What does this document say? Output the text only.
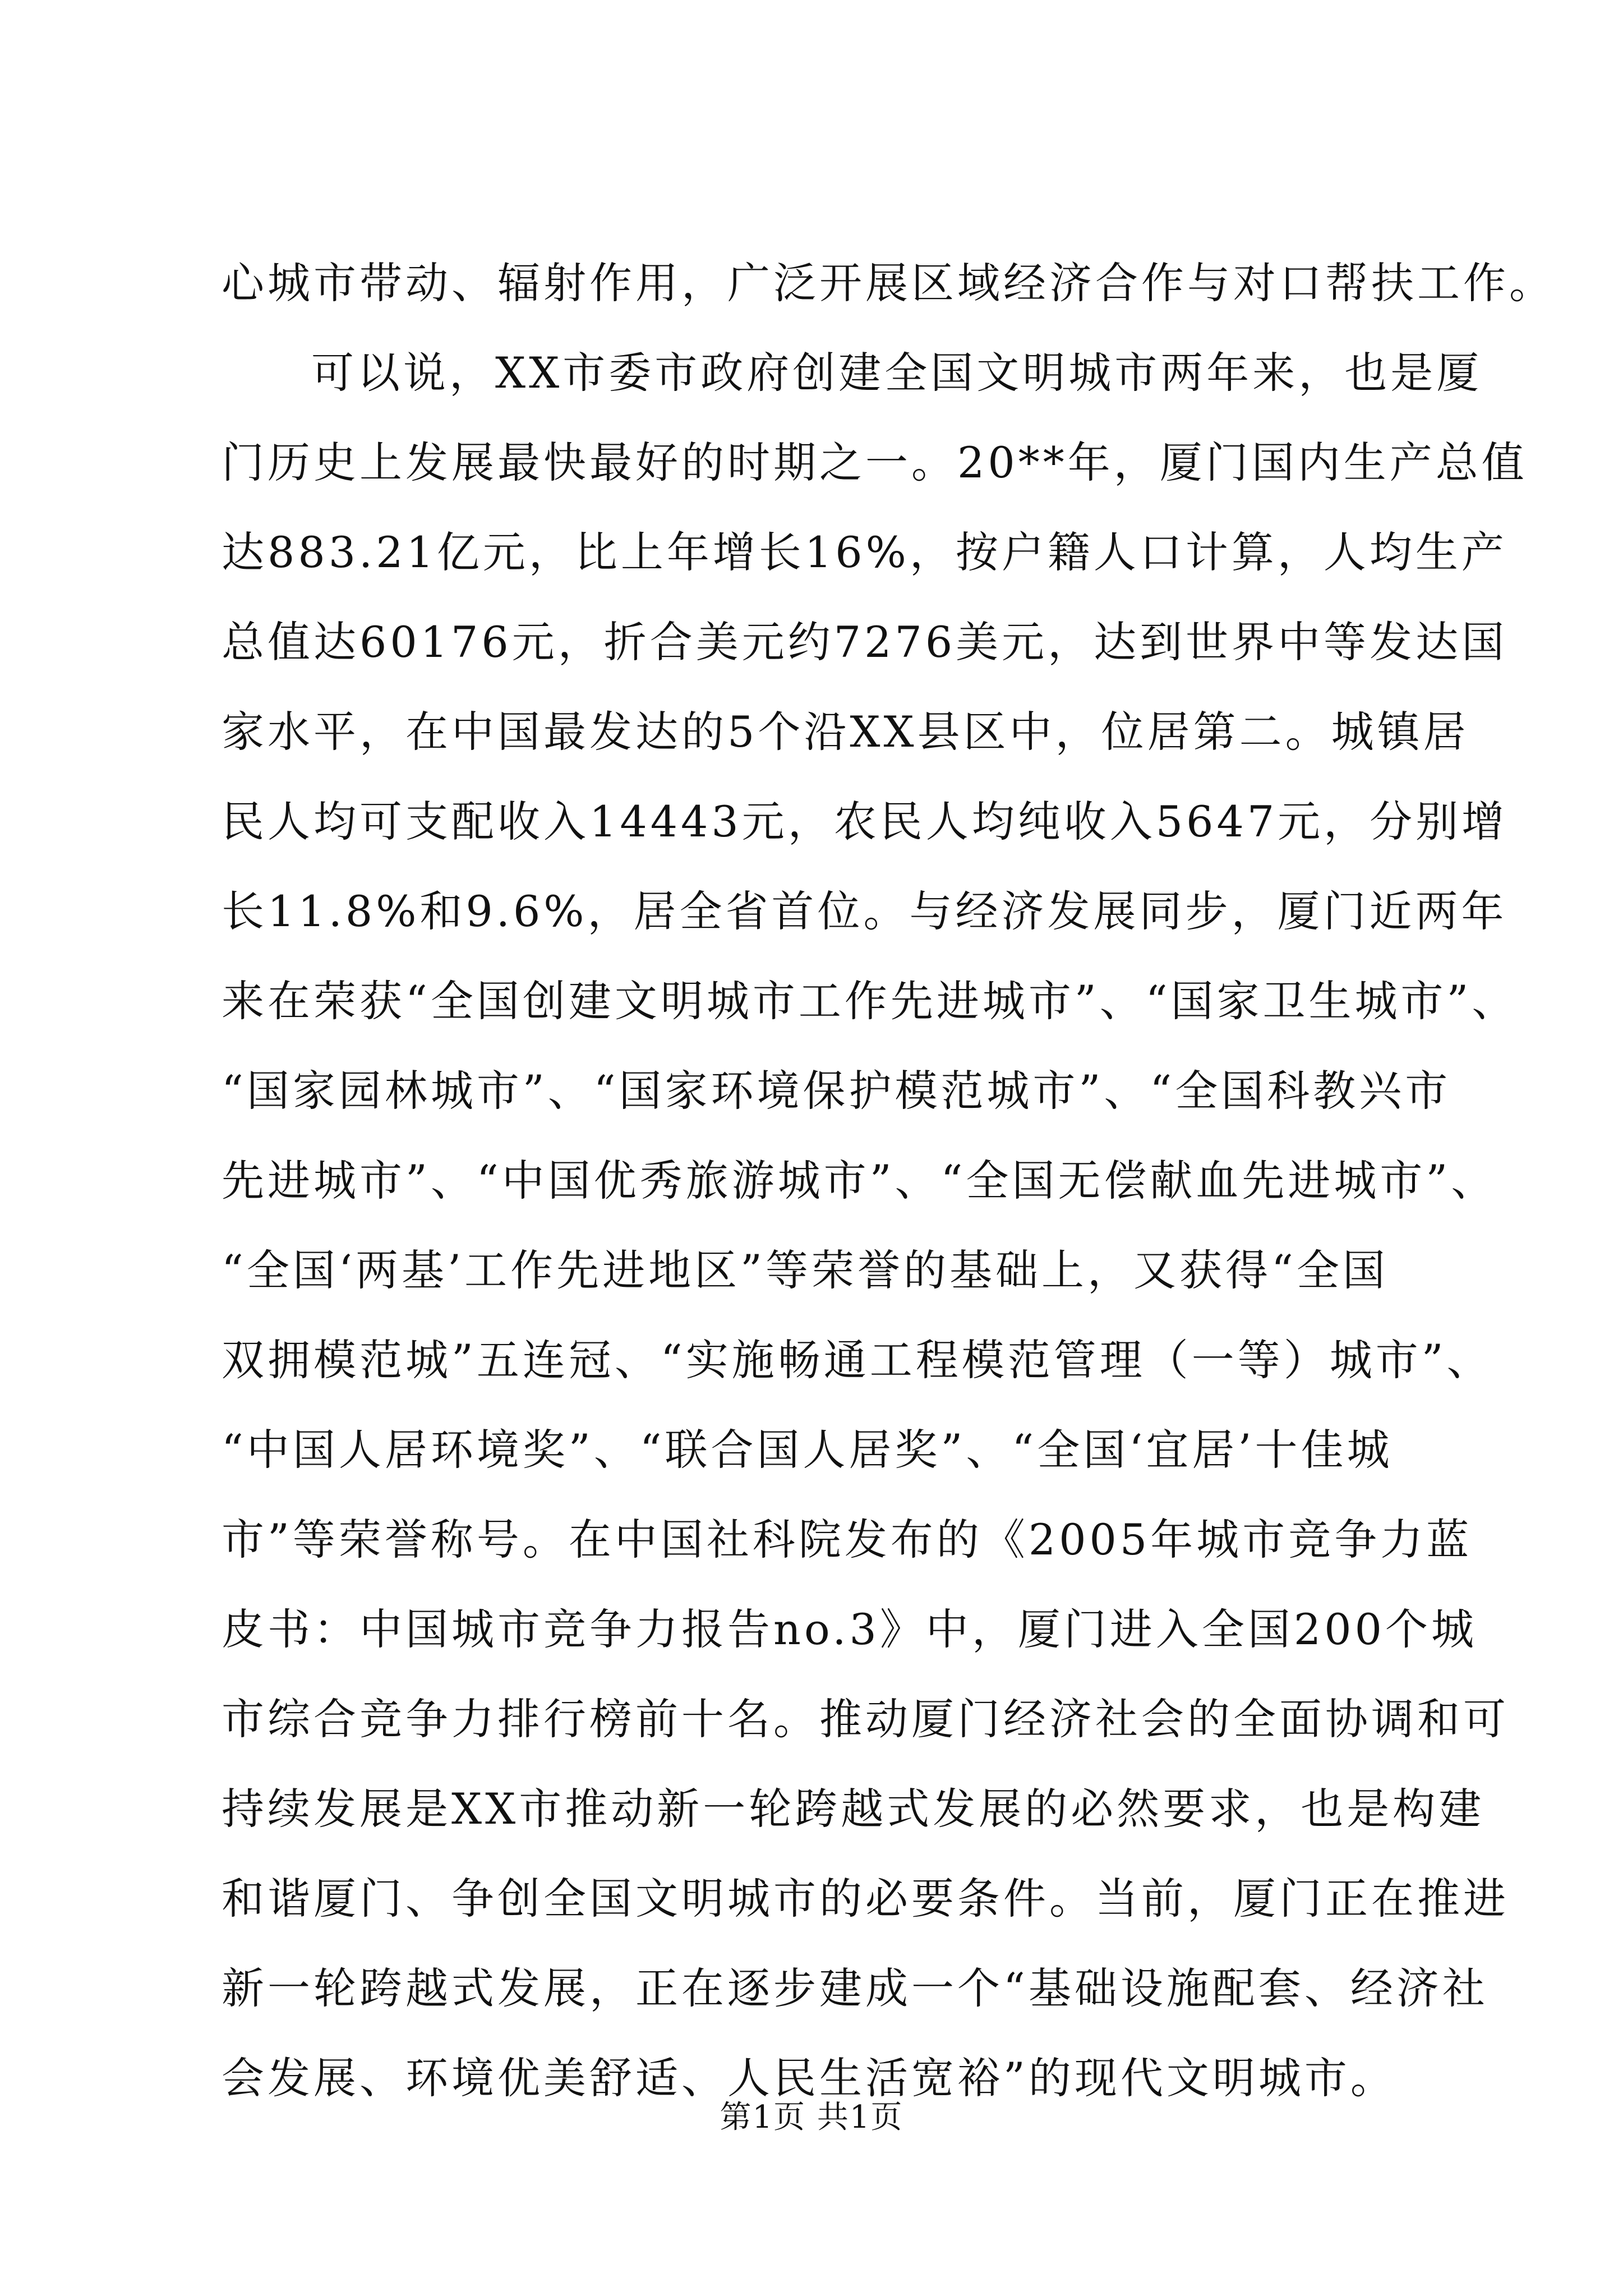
心城市带动、辐射作用，广泛开展区域经济合作与对口帮扶工作。
可以说，XX市委市政府创建全国文明城市两年来，也是厦
门历史上发展最快最好的时期之一。20**年，厦门国内生产总值
达883.21亿元，比上年增长16%，按户籍人口计算，人均生产
总值达60176元，折合美元约7276美元，达到世界中等发达国
家水平，在中国最发达的5个沿XX县区中，位居第二。城镇居
民人均可支配收入14443元，农民人均纯收入5647元，分别增
长11.8%和9.6%，居全省首位。与经济发展同步，厦门近两年
来在荣获“全国创建文明城市工作先进城市”、“国家卫生城市”、
“国家园林城市”、“国家环境保护模范城市”、“全国科教兴市
先进城市”、“中国优秀旅游城市”、“全国无偿献血先进城市”、
“全国‘两基’工作先进地区”等荣誉的基础上，又获得“全国
双拥模范城”五连冠、“实施畅通工程模范管理（一等）城市”、
“中国人居环境奖”、“联合国人居奖”、“全国‘宜居’十佳城
市”等荣誉称号。在中国社科院发布的《2005年城市竞争力蓝
皮书：中国城市竞争力报告no.3》中，厦门进入全国200个城
市综合竞争力排行榜前十名。推动厦门经济社会的全面协调和可
持续发展是XX市推动新一轮跨越式发展的必然要求，也是构建
和谐厦门、争创全国文明城市的必要条件。当前，厦门正在推进
新一轮跨越式发展，正在逐步建成一个“基础设施配套、经济社
会发展、环境优美舒适、人民生活宽裕”的现代文明城市。
第1页 共1页
